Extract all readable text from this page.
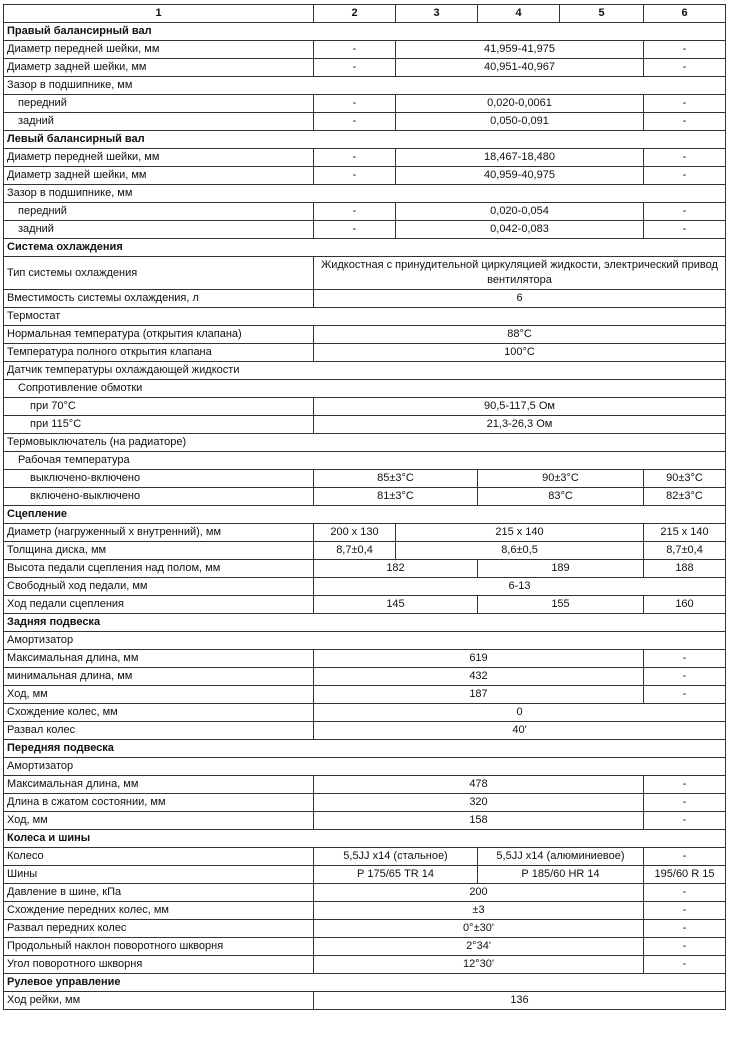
1	2	3	4	5	6
Правый балансирный вал					
Диаметр передней шейки, мм	-	41,959-41,975			-
Диаметр задней шейки, мм	-	40,951-40,967			-
Зазор в подшипнике, мм					
передний	-	0,020-0,0061			-
задний	-	0,050-0,091			-
Левый балансирный вал					
Диаметр передней шейки, мм	-	18,467-18,480			-
Диаметр задней шейки, мм	-	40,959-40,975			-
Зазор в подшипнике, мм					
передний	-	0,020-0,054			-
задний	-	0,042-0,083			-
Система охлаждения					
Тип системы охлаждения	Жидкостная с принудительной циркуляцией жидкости, электрический привод вентилятора				
Вместимость системы охлаждения, л	6				
Термостат					
Нормальная температура (открытия клапана)	88°С				
Температура полного открытия клапана	100°С				
Датчик температуры охлаждающей жидкости					
Сопротивление обмотки					
при 70°С	90,5-117,5 Ом				
при 115°С	21,3-26,3 Ом				
Термовыключатель (на радиаторе)					
Рабочая температура					
выключено-включено	85±3°С		90±3°С		90±3°С
включено-выключено	81±3°С		83°С		82±3°С
Сцепление					
Диаметр (нагруженный х внутренний), мм	200 x 130	215 x 140			215 x 140
Толщина диска, мм	8,7±0,4	8,6±0,5			8,7±0,4
Высота педали сцепления над полом, мм	182		189		188
Свободный ход педали, мм	6-13				
Ход педали сцепления	145		155		160
Задняя подвеска					
Амортизатор					
Максимальная длина, мм	619				-
минимальная длина, мм	432				-
Ход, мм	187				-
Схождение колес, мм	0				
Развал колес	40'				
Передняя подвеска					
Амортизатор					
Максимальная длина, мм	478				-
Длина в сжатом состоянии, мм	320				-
Ход, мм	158				-
Колеса и шины					
Колесо	5,5JJ x14 (стальное)		5,5JJ x14 (алюминиевое)		-
Шины	Р 175/65 TR 14		Р 185/60 HR 14		195/60 R 15
Давление в шине, кПа	200				-
Схождение передних колес, мм	±3				-
Развал передних колес	0°±30'				-
Продольный наклон поворотного шкворня	2°34'				-
Угол поворотного шкворня	12°30'				-
Рулевое управление					
Ход рейки, мм	136				
